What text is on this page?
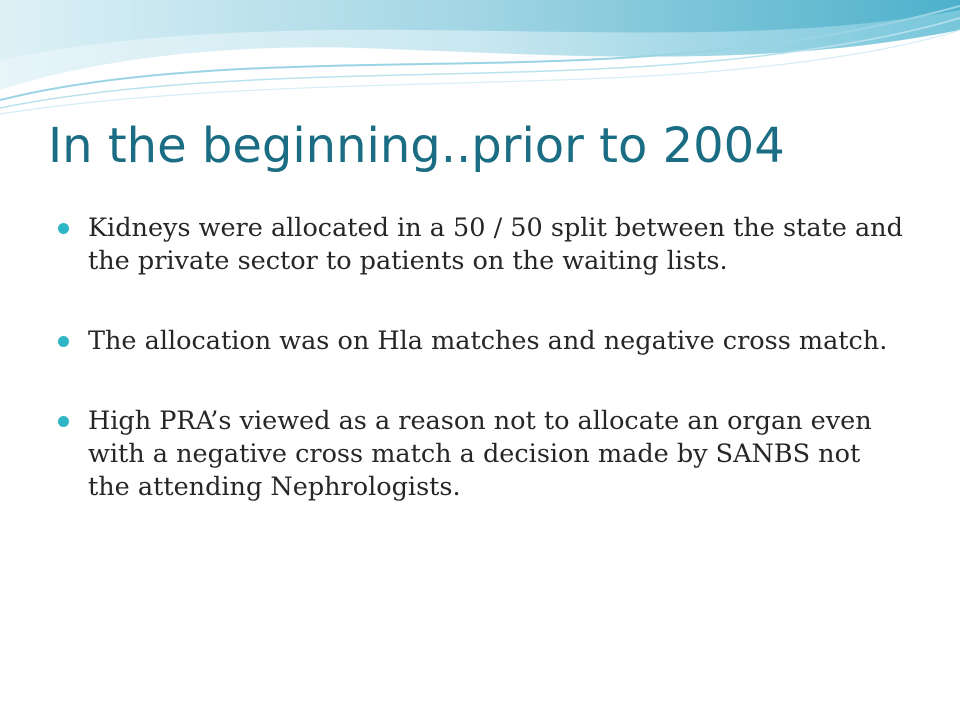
In the beginning..prior to 2004
Kidneys were allocated in a 50 / 50 split between the state and the private sector to patients on the waiting lists.
The allocation was on Hla matches and negative cross match.
High PRA’s viewed as a reason not to allocate an organ even with a negative cross match a decision made by SANBS not the attending Nephrologists.
